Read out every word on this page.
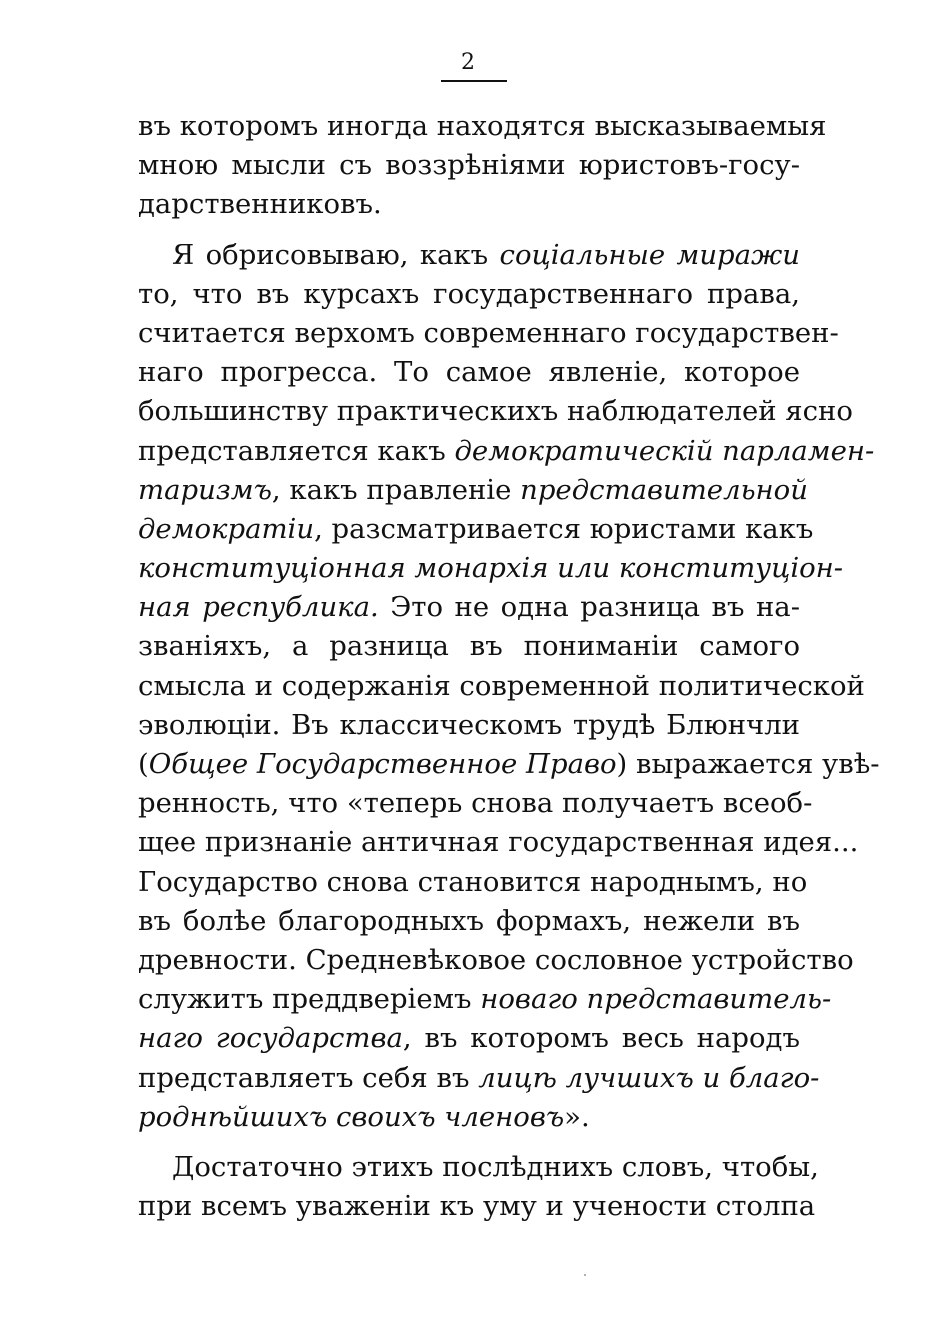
2
въ которомъ иногда находятся высказываемыя
мною мысли съ воззрѣніями юристовъ-госу-
дарственниковъ.
Я обрисовываю, какъ соціальные миражи
то, что въ курсахъ государственнаго права,
считается верхомъ современнаго государствен-
наго прогресса. То самое явленіе, которое
большинству практическихъ наблюдателей ясно
представляется какъ демократическій парламен-
таризмъ, какъ правленіе представительной
демократіи, разсматривается юристами какъ
конституціонная монархія или конституціон-
ная республика. Это не одна разница въ на-
званіяхъ, а разница въ пониманіи самого
смысла и содержанія современной политической
эволюціи. Въ классическомъ трудѣ Блюнчли
(Общее Государственное Право) выражается увѣ-
ренность, что «теперь снова получаетъ всеоб-
щее признаніе античная государственная идея...
Государство снова становится народнымъ, но
въ болѣе благородныхъ формахъ, нежели въ
древности. Средневѣковое сословное устройство
служитъ преддверіемъ новаго представитель-
наго государства, въ которомъ весь народъ
представляетъ себя въ лицѣ лучшихъ и благо-
роднѣйшихъ своихъ членовъ».
Достаточно этихъ послѣднихъ словъ, чтобы,
при всемъ уваженіи къ уму и учености столпа
